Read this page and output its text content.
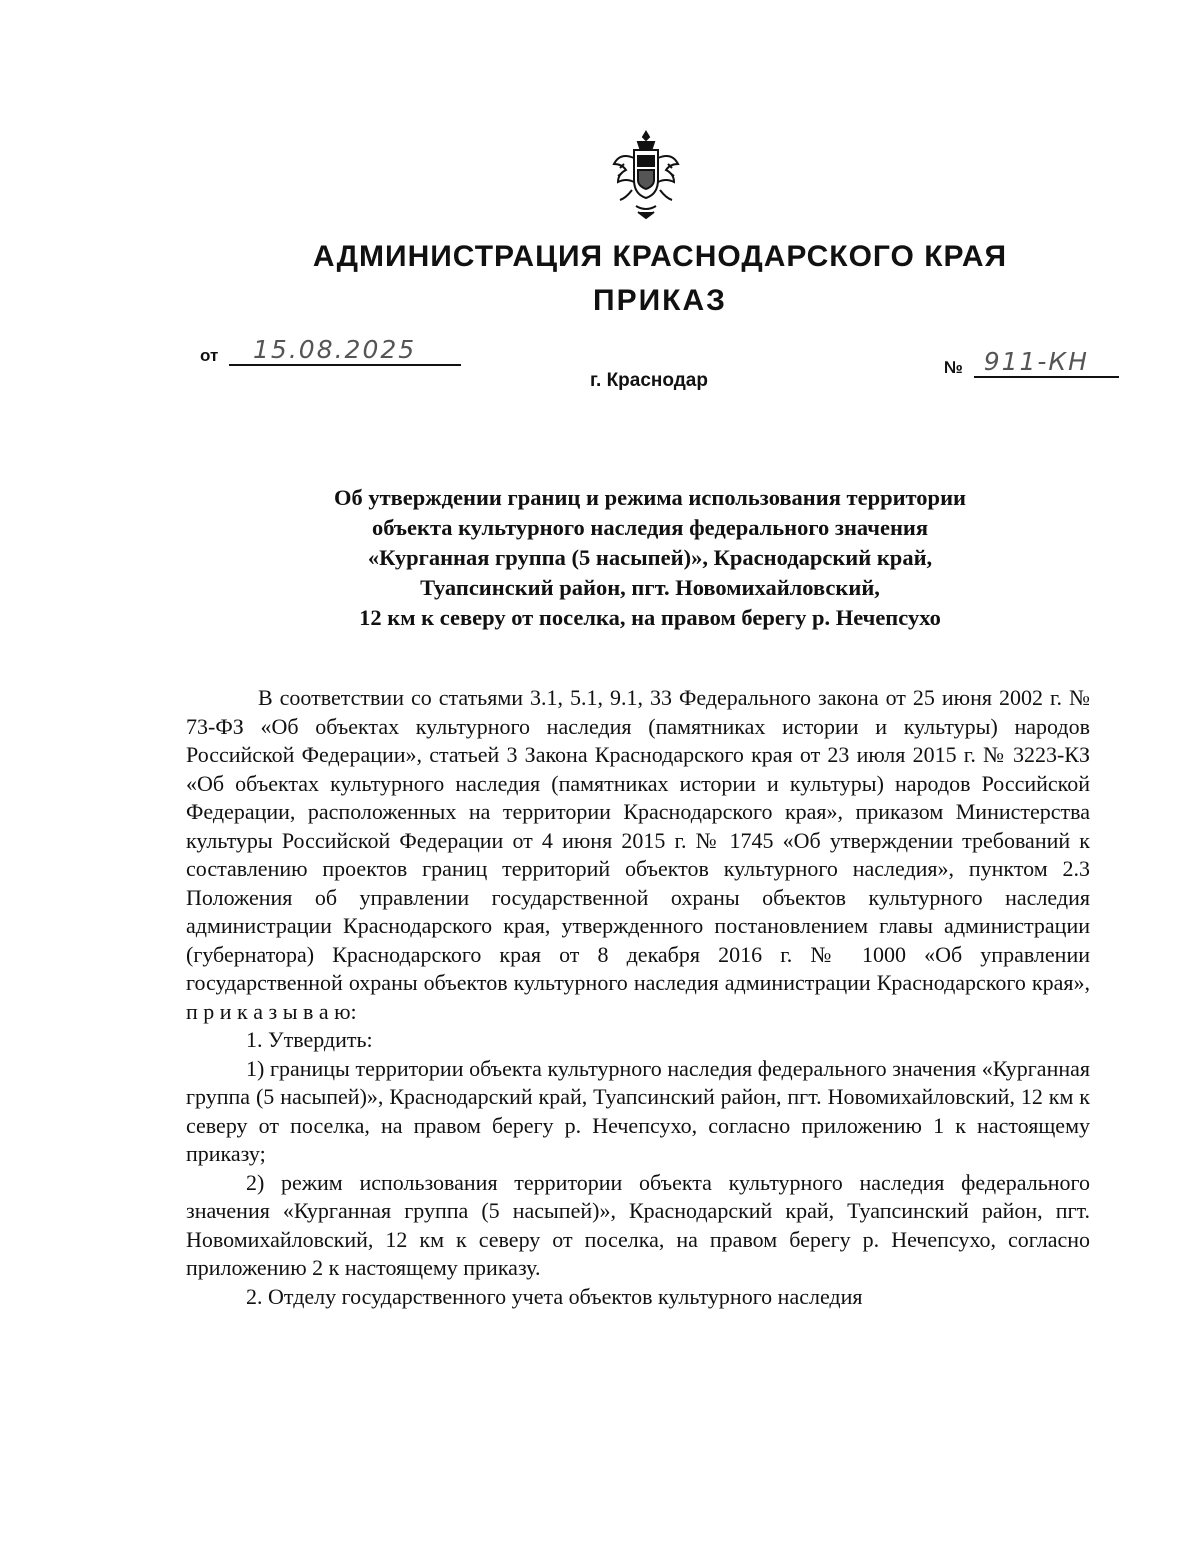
АДМИНИСТРАЦИЯ КРАСНОДАРСКОГО КРАЯ
ПРИКАЗ
от 15.08.2025
г. Краснодар
№ 911-КН
Об утверждении границ и режима использования территории
объекта культурного наследия федерального значения
«Курганная группа (5 насыпей)», Краснодарский край,
Туапсинский район, пгт. Новомихайловский,
12 км к северу от поселка, на правом берегу р. Нечепсухо

В соответствии со статьями 3.1, 5.1, 9.1, 33 Федерального закона от 25 июня 2002 г. № 73-ФЗ «Об объектах культурного наследия (памятниках истории и культуры) народов Российской Федерации», статьей 3 Закона Краснодарского края от 23 июля 2015 г. № 3223-КЗ «Об объектах культурного наследия (памятниках истории и культуры) народов Российской Федерации, расположенных на территории Краснодарского края», приказом Министерства культуры Российской Федерации от 4 июня 2015 г. № 1745 «Об утверждении требований к составлению проектов границ территорий объектов культурного наследия», пунктом 2.3 Положения об управлении государственной охраны объектов культурного наследия администрации Краснодарского края, утвержденного постановлением главы администрации (губернатора) Краснодарского края от 8 декабря 2016 г. № 1000 «Об управлении государственной охраны объектов культурного наследия администрации Краснодарского края», п р и к а з ы в а ю:

1. Утвердить:

1) границы территории объекта культурного наследия федерального значения «Курганная группа (5 насыпей)», Краснодарский край, Туапсинский район, пгт. Новомихайловский, 12 км к северу от поселка, на правом берегу р. Нечепсухо, согласно приложению 1 к настоящему приказу;

2) режим использования территории объекта культурного наследия федерального значения «Курганная группа (5 насыпей)», Краснодарский край, Туапсинский район, пгт. Новомихайловский, 12 км к северу от поселка, на правом берегу р. Нечепсухо, согласно приложению 2 к настоящему приказу.

2. Отделу государственного учета объектов культурного наследия
